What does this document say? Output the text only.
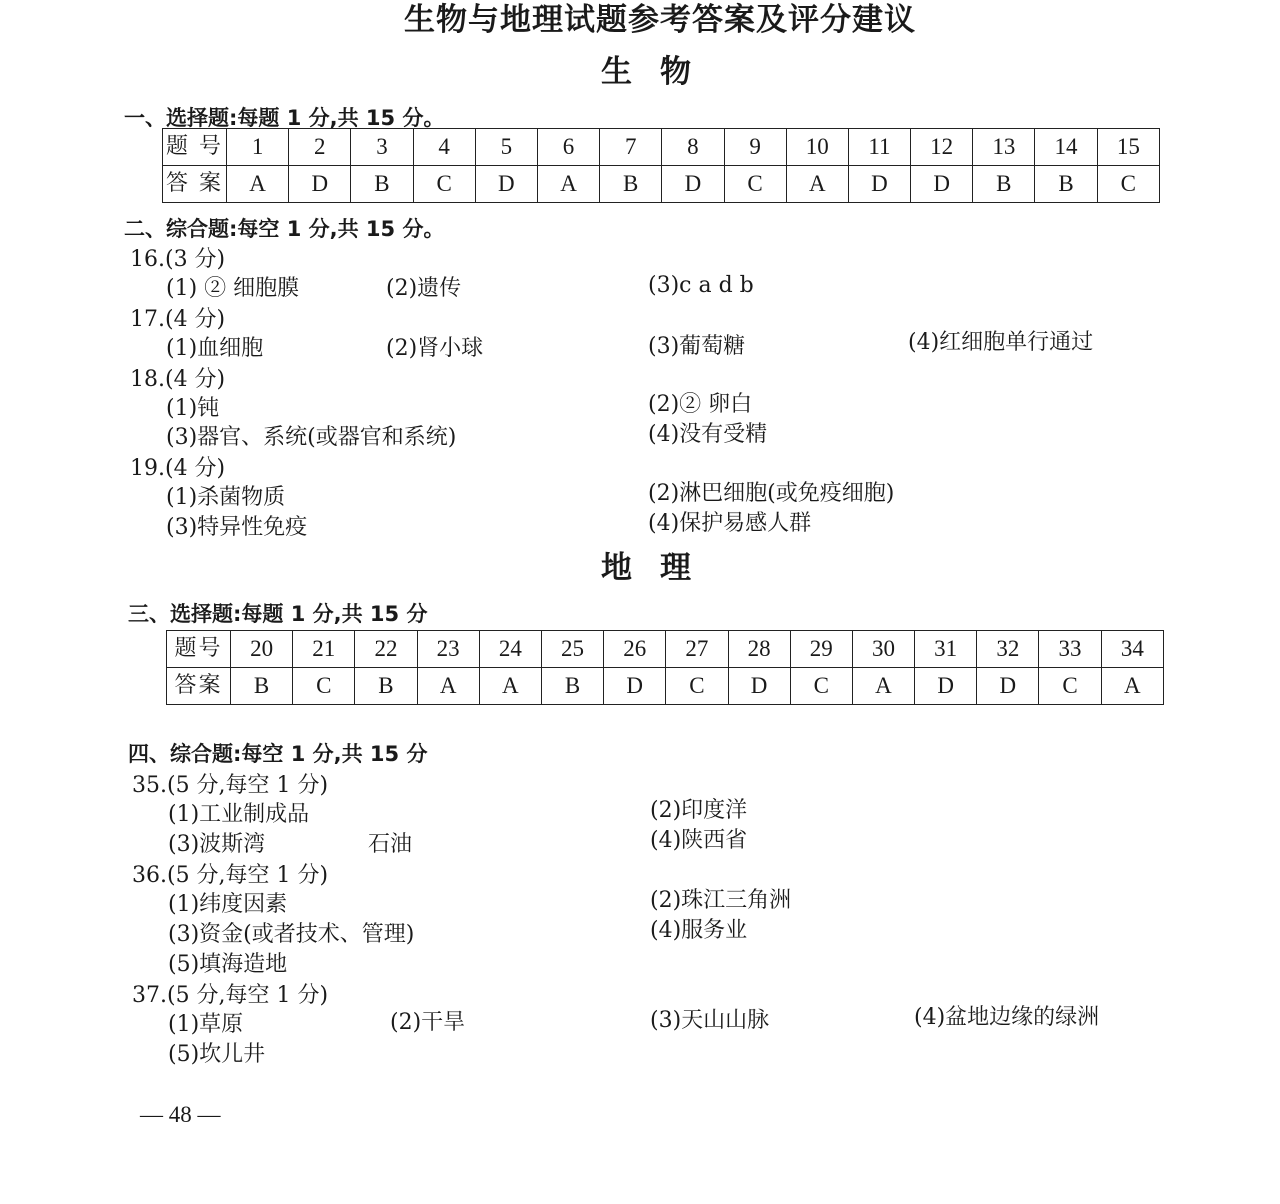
生物与地理试题参考答案及评分建议
生物
一、选择题:每题 1 分,共 15 分。
题 号	1	2	3	4	5	6	7	8	9	10	11	12	13	14	15
答 案	A	D	B	C	D	A	B	D	C	A	D	D	B	B	C
二、综合题:每空 1 分,共 15 分。
16.(3 分)
(1) ② 细胞膜	(2)遗传	(3)c a d b
17.(4 分)
(1)血细胞	(2)肾小球	(3)葡萄糖	(4)红细胞单行通过
18.(4 分)
(1)钝	(2)② 卵白
(3)器官、系统(或器官和系统)	(4)没有受精
19.(4 分)
(1)杀菌物质	(2)淋巴细胞(或免疫细胞)
(3)特异性免疫	(4)保护易感人群
地理
三、选择题:每题 1 分,共 15 分
题号	20	21	22	23	24	25	26	27	28	29	30	31	32	33	34
答案	B	C	B	A	A	B	D	C	D	C	A	D	D	C	A
四、综合题:每空 1 分,共 15 分
35.(5 分,每空 1 分)
(1)工业制成品	(2)印度洋
(3)波斯湾	石油	(4)陕西省
36.(5 分,每空 1 分)
(1)纬度因素	(2)珠江三角洲
(3)资金(或者技术、管理)	(4)服务业
(5)填海造地
37.(5 分,每空 1 分)
(1)草原	(2)干旱	(3)天山山脉	(4)盆地边缘的绿洲
(5)坎儿井
— 48 —
